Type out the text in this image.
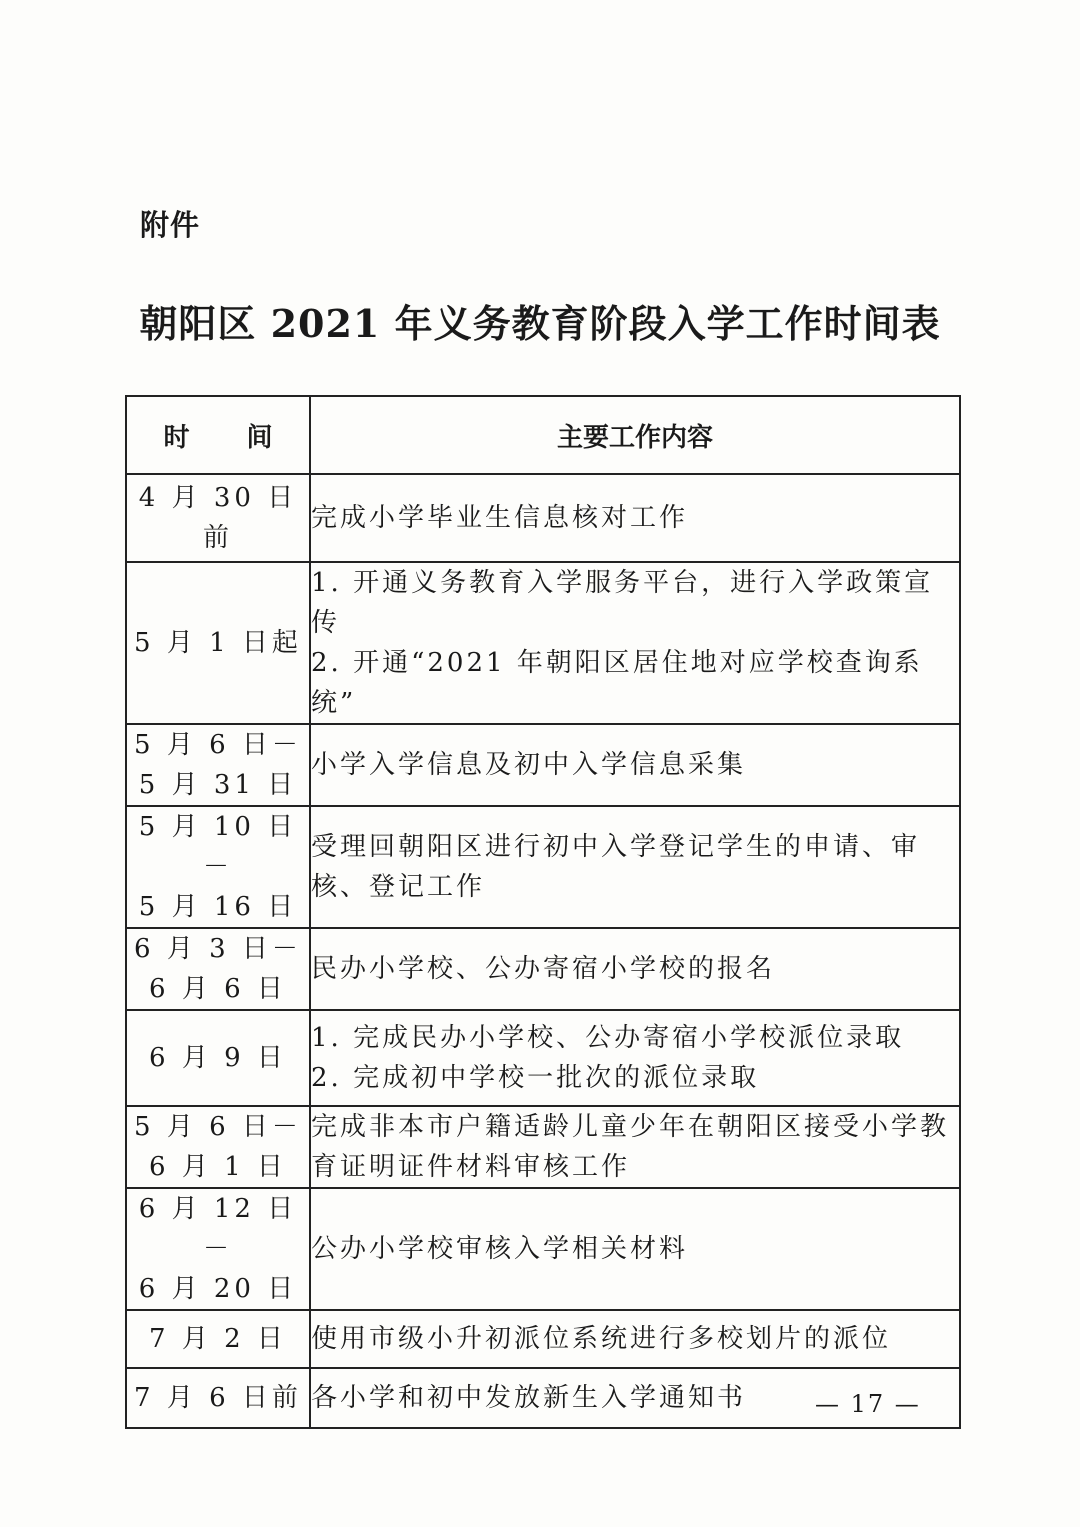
附件
朝阳区 2021 年义务教育阶段入学工作时间表
时 间	主要工作内容

4 月 30 日前	完成小学毕业生信息核对工作

5 月 1 日起	1. 开通义务教育入学服务平台，进行入学政策宣传
2. 开通“2021 年朝阳区居住地对应学校查询系统”

5 月 6 日－
5 月 31 日	小学入学信息及初中入学信息采集

5 月 10 日－
5 月 16 日	受理回朝阳区进行初中入学登记学生的申请、审核、登记工作

6 月 3 日－
6 月 6 日	民办小学校、公办寄宿小学校的报名

6 月 9 日	1. 完成民办小学校、公办寄宿小学校派位录取
2. 完成初中学校一批次的派位录取

5 月 6 日－
6 月 1 日	完成非本市户籍适龄儿童少年在朝阳区接受小学教育证明证件材料审核工作

6 月 12 日－
6 月 20 日	公办小学校审核入学相关材料

7 月 2 日	使用市级小升初派位系统进行多校划片的派位

7 月 6 日前	各小学和初中发放新生入学通知书	— 17 —
